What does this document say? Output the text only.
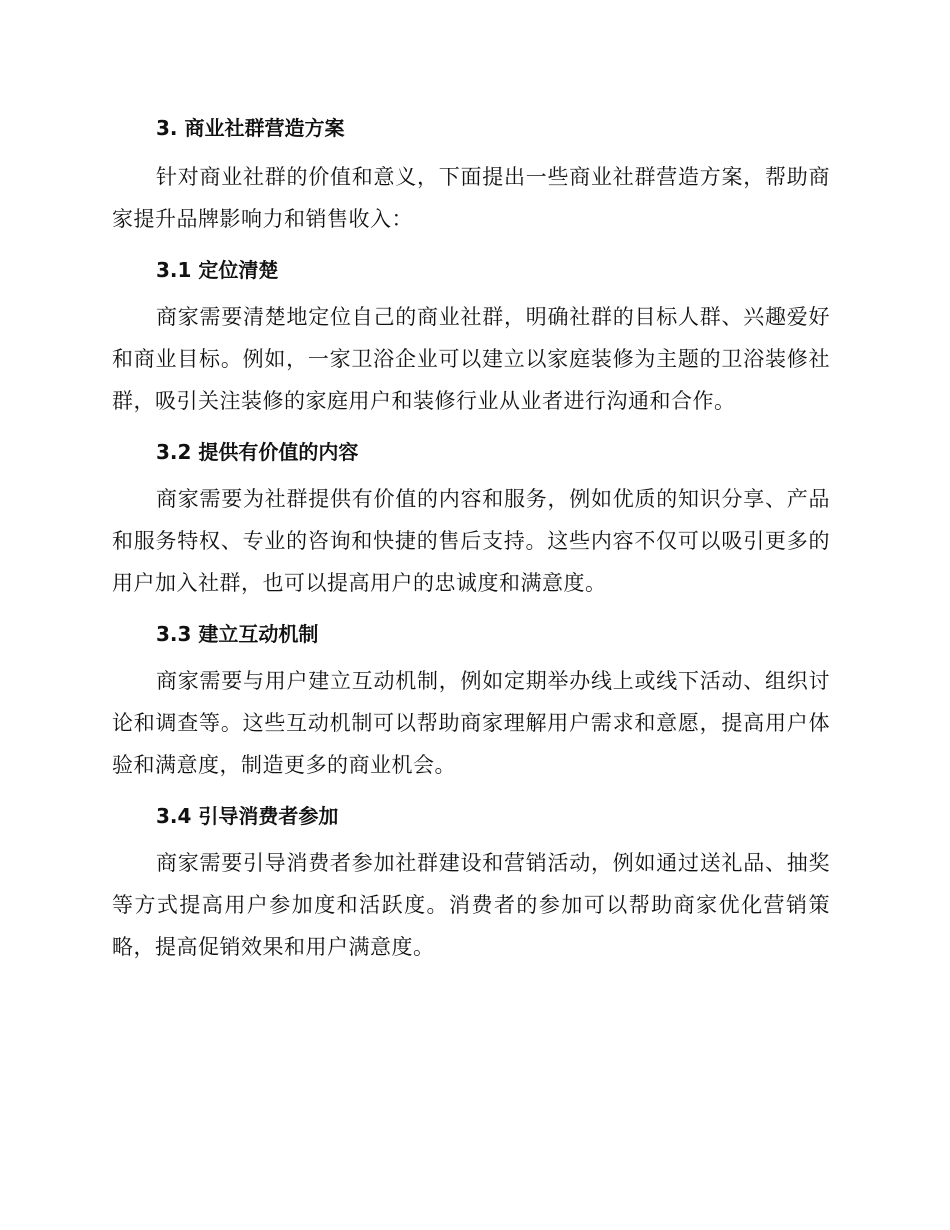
3. 商业社群营造方案

针对商业社群的价值和意义，下面提出一些商业社群营造方案，帮助商家提升品牌影响力和销售收入：

3.1 定位清楚

商家需要清楚地定位自己的商业社群，明确社群的目标人群、兴趣爱好和商业目标。例如，一家卫浴企业可以建立以家庭装修为主题的卫浴装修社群，吸引关注装修的家庭用户和装修行业从业者进行沟通和合作。

3.2 提供有价值的内容

商家需要为社群提供有价值的内容和服务，例如优质的知识分享、产品和服务特权、专业的咨询和快捷的售后支持。这些内容不仅可以吸引更多的用户加入社群，也可以提高用户的忠诚度和满意度。

3.3 建立互动机制

商家需要与用户建立互动机制，例如定期举办线上或线下活动、组织讨论和调查等。这些互动机制可以帮助商家理解用户需求和意愿，提高用户体验和满意度，制造更多的商业机会。

3.4 引导消费者参加

商家需要引导消费者参加社群建设和营销活动，例如通过送礼品、抽奖等方式提高用户参加度和活跃度。消费者的参加可以帮助商家优化营销策略，提高促销效果和用户满意度。
